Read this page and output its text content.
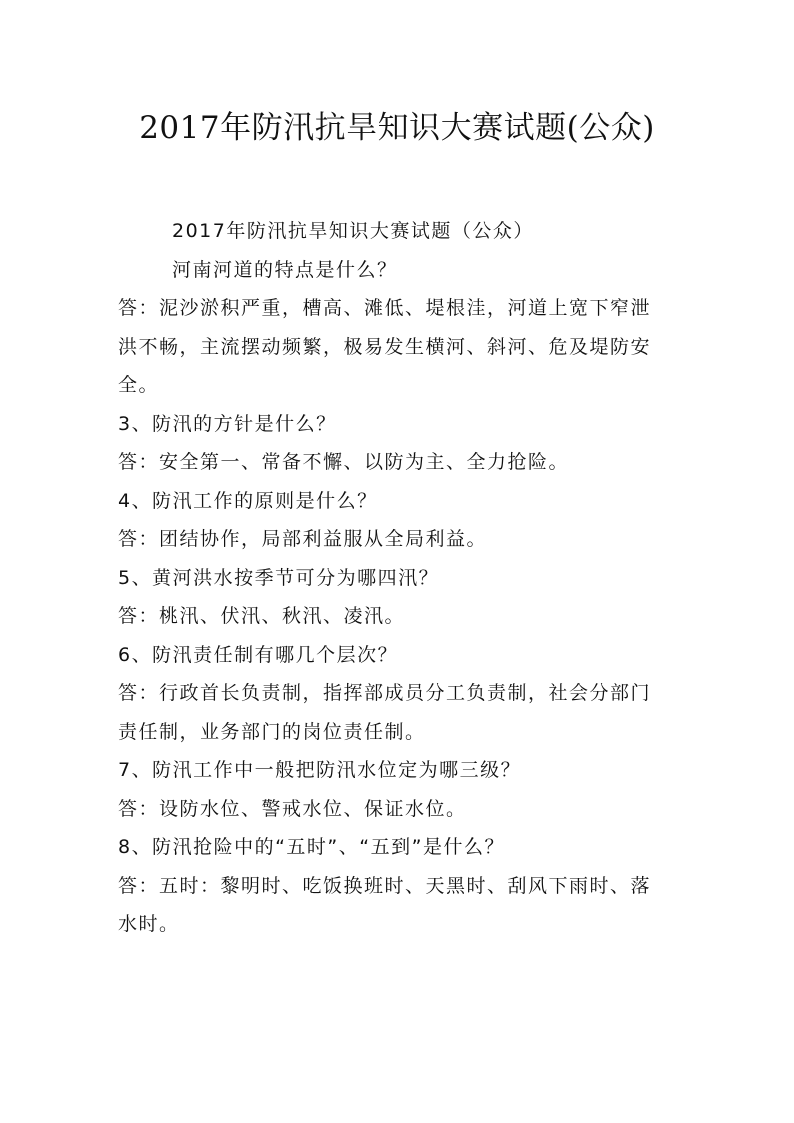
2017年防汛抗旱知识大赛试题(公众)

2017年防汛抗旱知识大赛试题（公众）

河南河道的特点是什么？

答：泥沙淤积严重，槽高、滩低、堤根洼，河道上宽下窄泄

洪不畅，主流摆动频繁，极易发生横河、斜河、危及堤防安

全。

3、防汛的方针是什么？

答：安全第一、常备不懈、以防为主、全力抢险。

4、防汛工作的原则是什么？

答：团结协作，局部利益服从全局利益。

5、黄河洪水按季节可分为哪四汛？

答：桃汛、伏汛、秋汛、凌汛。

6、防汛责任制有哪几个层次？

答：行政首长负责制，指挥部成员分工负责制，社会分部门

责任制，业务部门的岗位责任制。

7、防汛工作中一般把防汛水位定为哪三级？

答：设防水位、警戒水位、保证水位。

8、防汛抢险中的“五时”、“五到”是什么？

答：五时：黎明时、吃饭换班时、天黑时、刮风下雨时、落

水时。
